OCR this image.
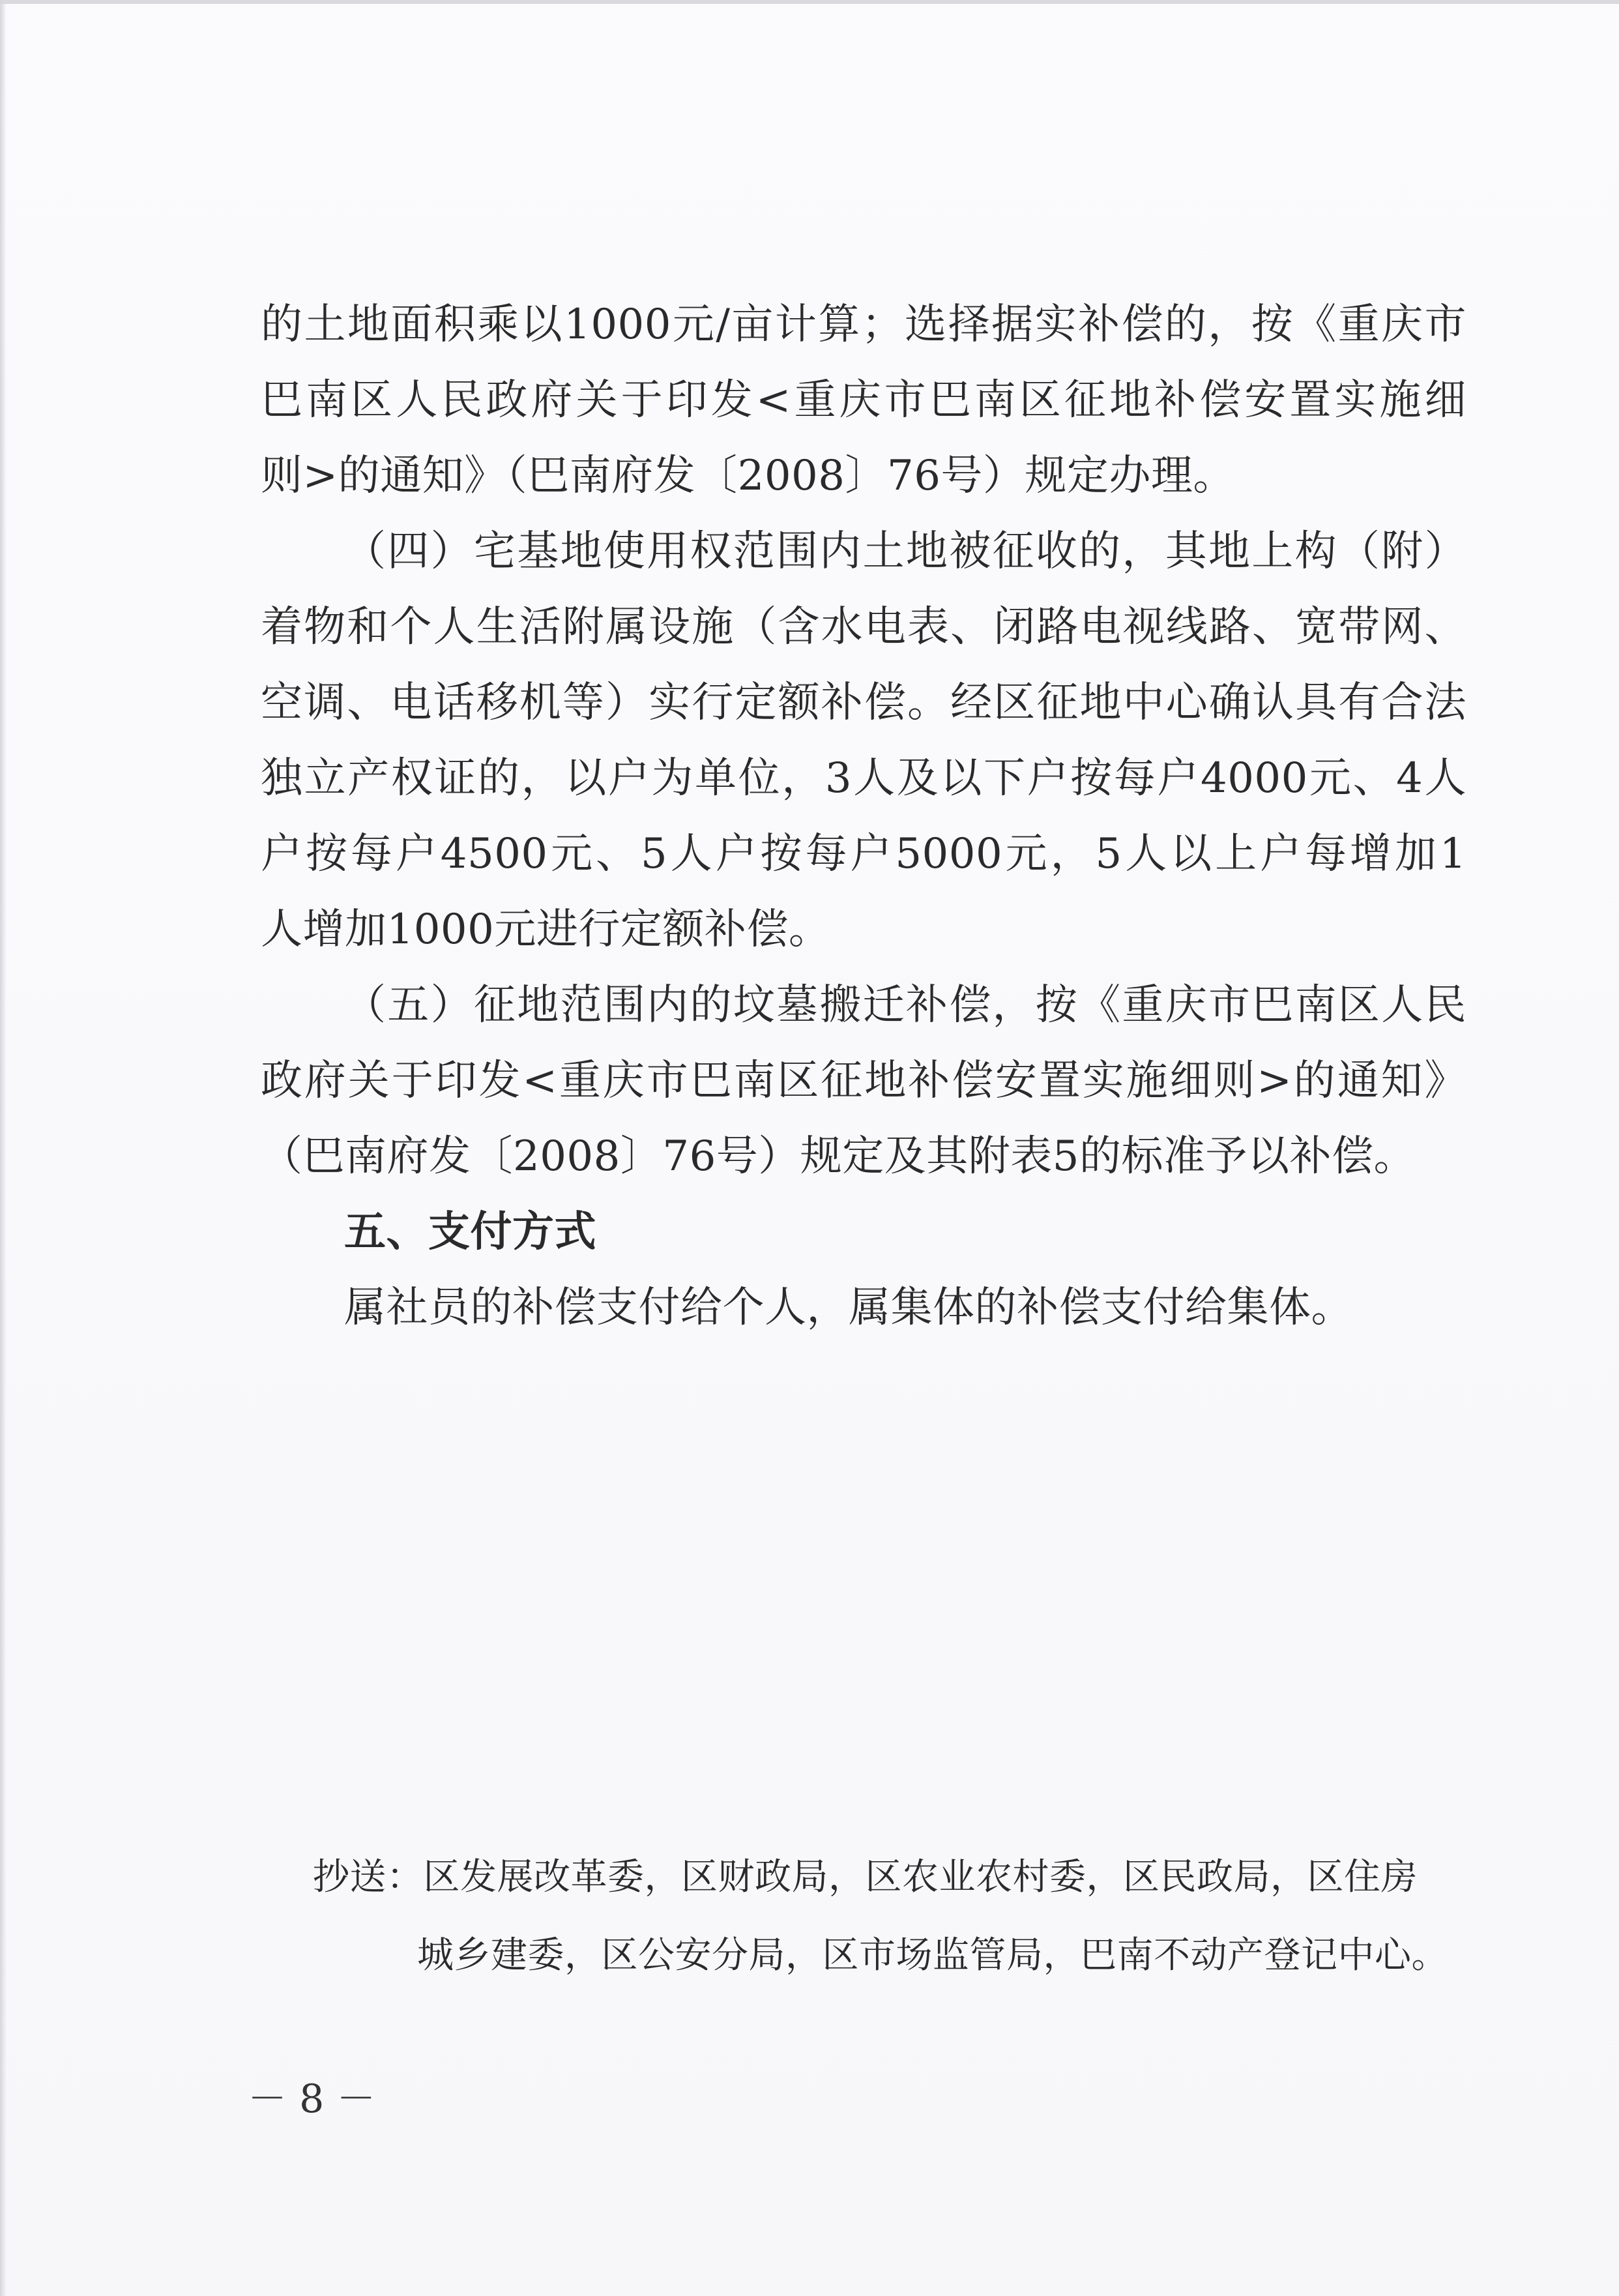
的土地面积乘以1000元/亩计算；选择据实补偿的，按《重庆市
巴南区人民政府关于印发<重庆市巴南区征地补偿安置实施细
则>的通知》（巴南府发〔2008〕76号）规定办理。
（四）宅基地使用权范围内土地被征收的，其地上构（附）
着物和个人生活附属设施（含水电表、闭路电视线路、宽带网、
空调、电话移机等）实行定额补偿。经区征地中心确认具有合法
独立产权证的，以户为单位，3人及以下户按每户4000元、4人
户按每户4500元、5人户按每户5000元，5人以上户每增加1
人增加1000元进行定额补偿。
（五）征地范围内的坟墓搬迁补偿，按《重庆市巴南区人民
政府关于印发<重庆市巴南区征地补偿安置实施细则>的通知》
（巴南府发〔2008〕76号）规定及其附表5的标准予以补偿。
五、支付方式
属社员的补偿支付给个人，属集体的补偿支付给集体。
抄送：区发展改革委，区财政局，区农业农村委，区民政局，区住房
城乡建委，区公安分局，区市场监管局，巴南不动产登记中心。
－ 8 －
